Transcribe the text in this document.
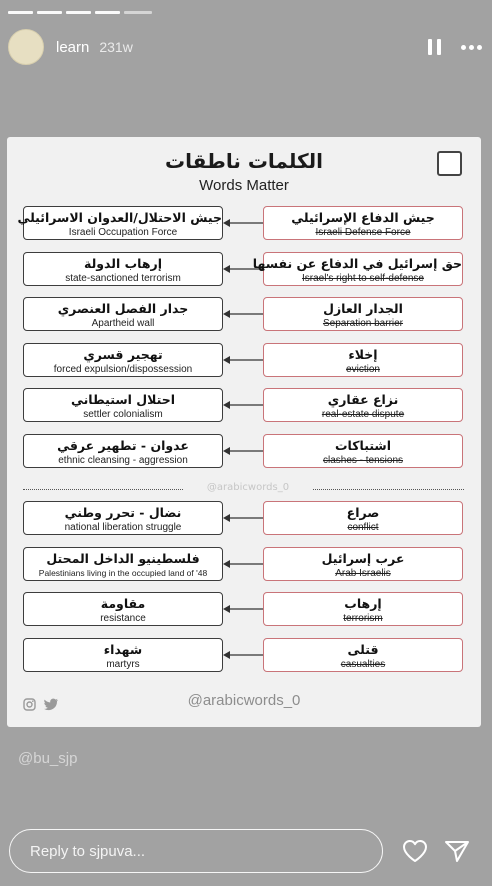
learn 231w
الكلمات ناطقات
Words Matter
جيش الاحتلال/العدوان الاسرائيلي
Israeli Occupation Force
جيش الدفاع الإسرائيلي
Israeli Defense Force
إرهاب الدولة
state-sanctioned terrorism
حق إسرائيل في الدفاع عن نفسها
Israel's right to self-defense
جدار الفصل العنصري
Apartheid wall
الجدار العازل
Separation barrier
تهجير قسري
forced expulsion/dispossession
إخلاء
eviction
احتلال استيطاني
settler colonialism
نزاع عقاري
real-estate dispute
عدوان - تطهير عرقي
ethnic cleansing - aggression
اشتباكات
clashes - tensions
@arabicwords_0
نضال - تحرر وطني
national liberation struggle
صراع
conflict
فلسطينيو الداخل المحتل
Palestinians living in the occupied land of '48
عرب إسرائيل
Arab Israelis
مقاومة
resistance
إرهاب
terrorism
شهداء
martyrs
قتلى
casualties
@arabicwords_0
@bu_sjp
Reply to sjpuva...
